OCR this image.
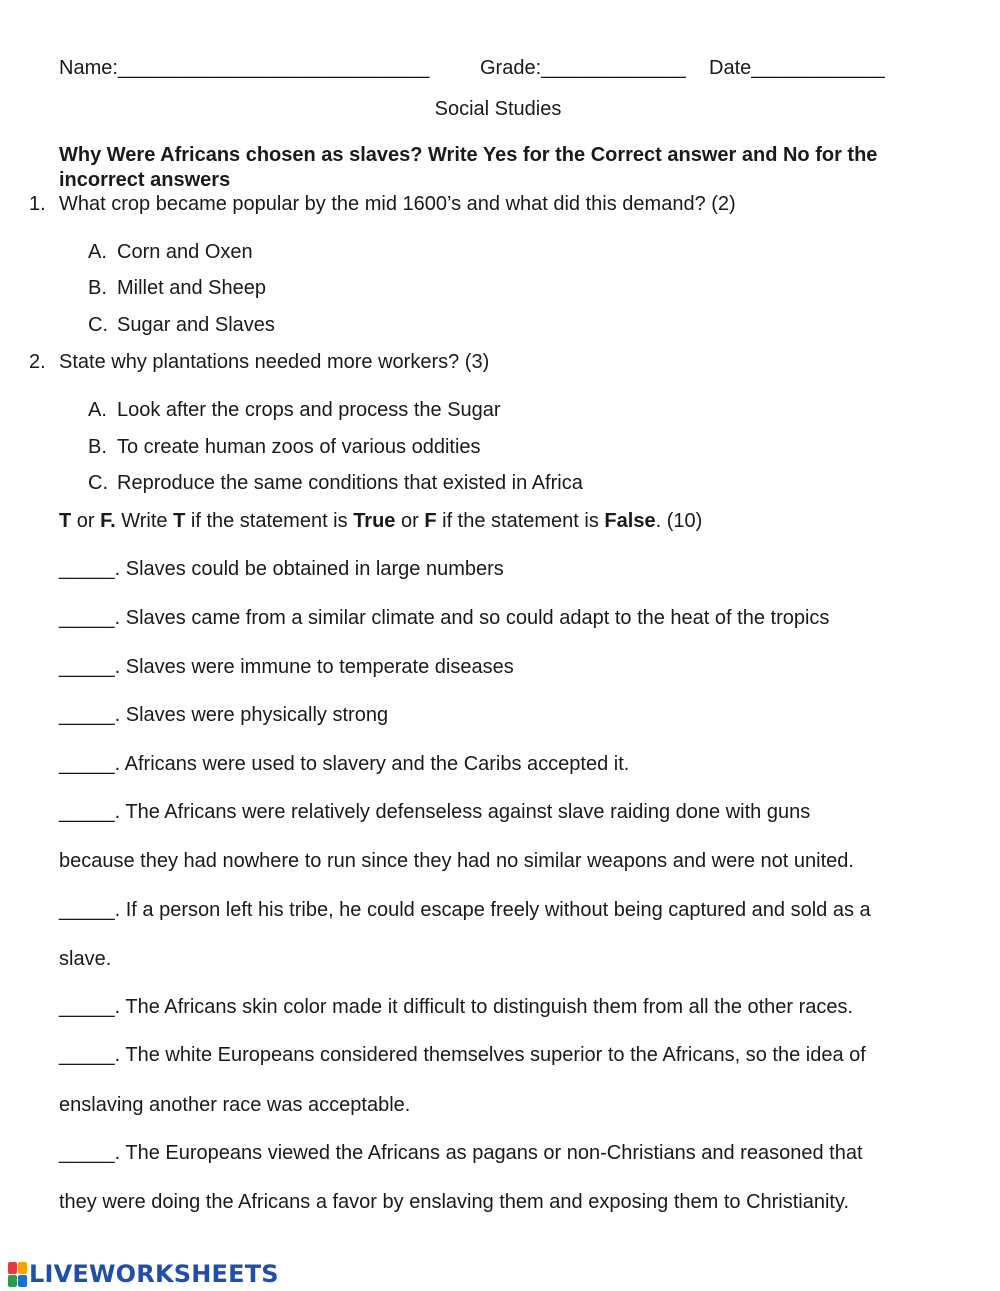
Name:____________________________	Grade:_____________ Date____________
Social Studies
Why Were Africans chosen as slaves? Write Yes for the Correct answer and No for the
incorrect answers
1. What crop became popular by the mid 1600’s and what did this demand? (2)
A. Corn and Oxen
B. Millet and Sheep
C. Sugar and Slaves
2. State why plantations needed more workers? (3)
A. Look after the crops and process the Sugar
B. To create human zoos of various oddities
C. Reproduce the same conditions that existed in Africa
T or F. Write T if the statement is True or F if the statement is False. (10)
_____. Slaves could be obtained in large numbers
_____. Slaves came from a similar climate and so could adapt to the heat of the tropics
_____. Slaves were immune to temperate diseases
_____. Slaves were physically strong
_____. Africans were used to slavery and the Caribs accepted it.
_____. The Africans were relatively defenseless against slave raiding done with guns
because they had nowhere to run since they had no similar weapons and were not united.
_____. If a person left his tribe, he could escape freely without being captured and sold as a
slave.
_____. The Africans skin color made it difficult to distinguish them from all the other races.
_____. The white Europeans considered themselves superior to the Africans, so the idea of
enslaving another race was acceptable.
_____. The Europeans viewed the Africans as pagans or non-Christians and reasoned that
they were doing the Africans a favor by enslaving them and exposing them to Christianity.
LIVEWORKSHEETS
